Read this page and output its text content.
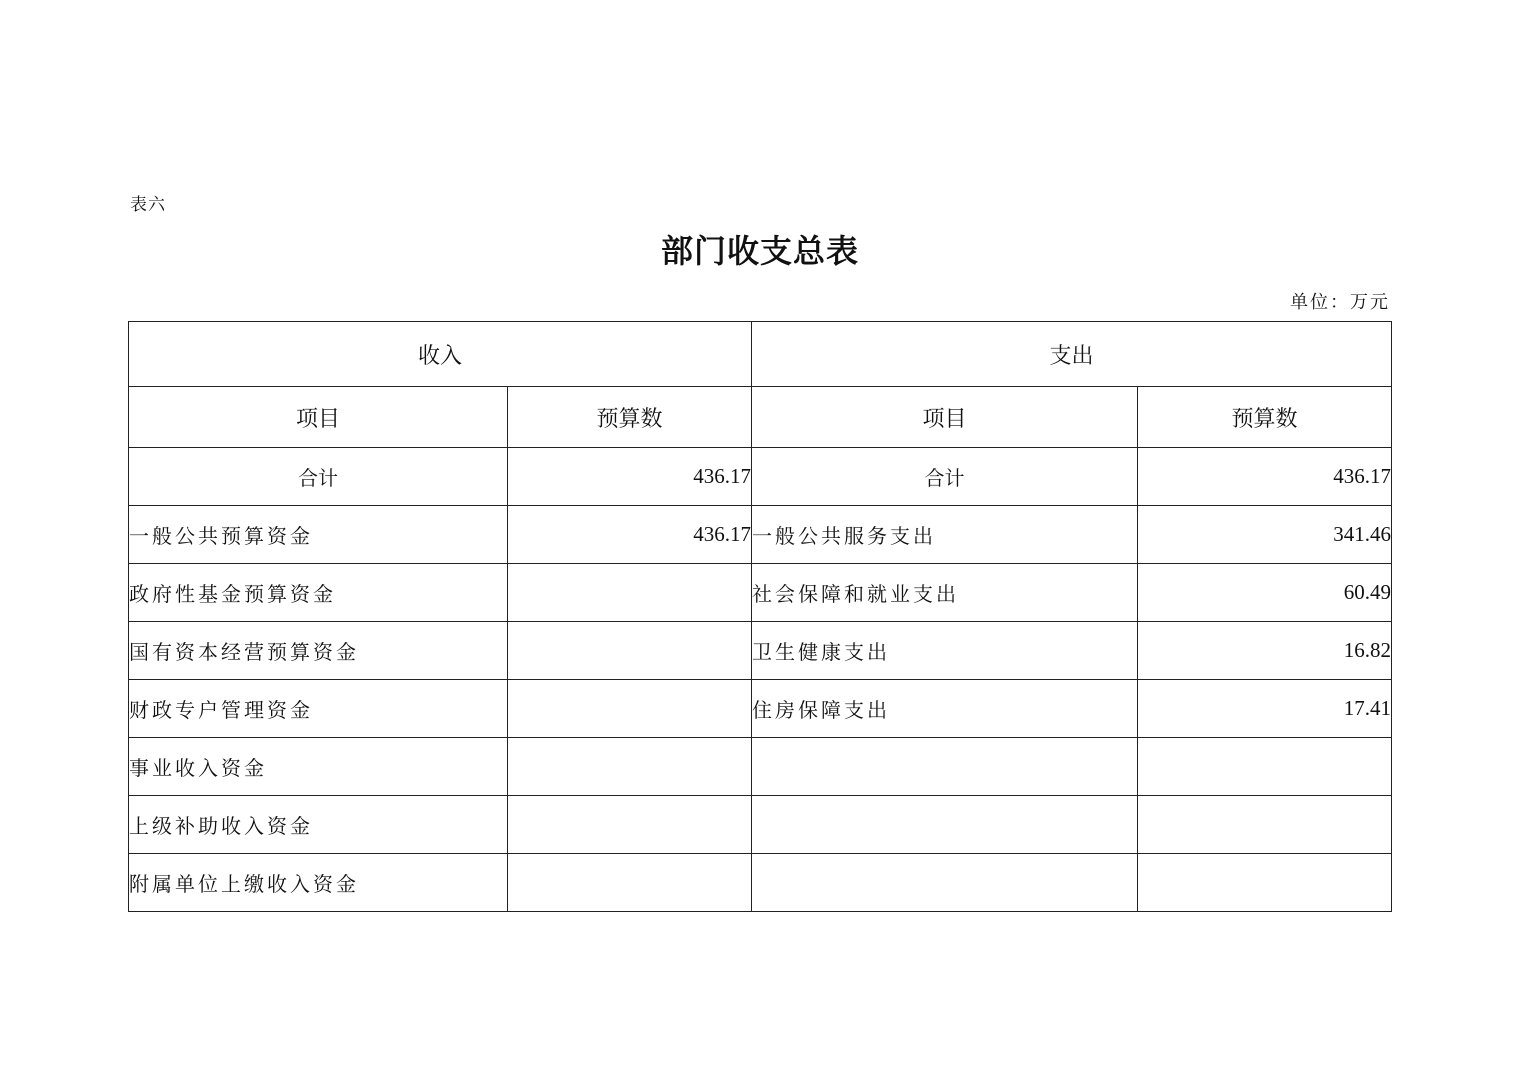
表六
部门收支总表
单位：万元
收入		支出	
项目	预算数	项目	预算数
合计	436.17	合计	436.17
一般公共预算资金	436.17	一般公共服务支出	341.46
政府性基金预算资金		社会保障和就业支出	60.49
国有资本经营预算资金		卫生健康支出	16.82
财政专户管理资金		住房保障支出	17.41
事业收入资金			
上级补助收入资金			
附属单位上缴收入资金			
